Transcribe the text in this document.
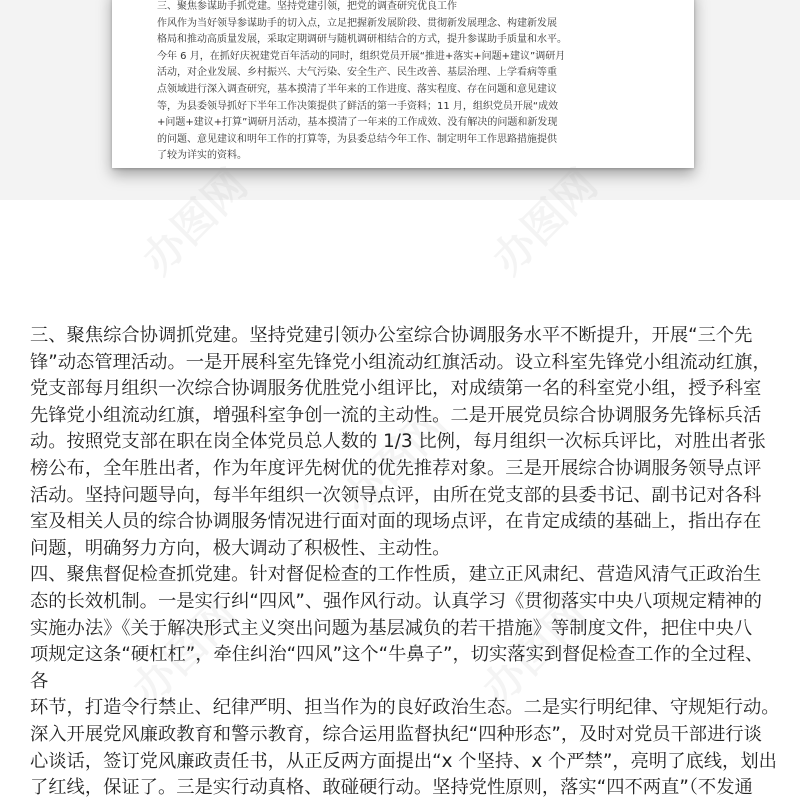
三、聚焦参谋助手抓党建。坚持党建引领，把党的调查研究优良工作

作风作为当好领导参谋助手的切入点，立足把握新发展阶段、贯彻新发展理念、构建新发展

格局和推动高质量发展，采取定期调研与随机调研相结合的方式，提升参谋助手质量和水平。

今年 6 月，在抓好庆祝建党百年活动的同时，组织党员开展“推进+落实+问题+建议”调研月

活动，对企业发展、乡村振兴、大气污染、安全生产、民生改善、基层治理、上学看病等重

点领域进行深入调查研究，基本摸清了半年来的工作进度、落实程度、存在问题和意见建议

等，为县委领导抓好下半年工作决策提供了鲜活的第一手资料；11 月，组织党员开展“成效

+问题+建议+打算”调研月活动，基本摸清了一年来的工作成效、没有解决的问题和新发现

的问题、意见建议和明年工作的打算等，为县委总结今年工作、制定明年工作思路措施提供

了较为详实的资料。

办图网	办图网
办图网
办图网	办图网

三、聚焦综合协调抓党建。坚持党建引领办公室综合协调服务水平不断提升，开展“三个先

锋”动态管理活动。一是开展科室先锋党小组流动红旗活动。设立科室先锋党小组流动红旗，

党支部每月组织一次综合协调服务优胜党小组评比，对成绩第一名的科室党小组，授予科室

先锋党小组流动红旗，增强科室争创一流的主动性。二是开展党员综合协调服务先锋标兵活

动。按照党支部在职在岗全体党员总人数的 1/3 比例，每月组织一次标兵评比，对胜出者张

榜公布，全年胜出者，作为年度评先树优的优先推荐对象。三是开展综合协调服务领导点评

活动。坚持问题导向，每半年组织一次领导点评，由所在党支部的县委书记、副书记对各科

室及相关人员的综合协调服务情况进行面对面的现场点评，在肯定成绩的基础上，指出存在

问题，明确努力方向，极大调动了积极性、主动性。

四、聚焦督促检查抓党建。针对督促检查的工作性质，建立正风肃纪、营造风清气正政治生

态的长效机制。一是实行纠“四风”、强作风行动。认真学习《贯彻落实中央八项规定精神的

实施办法》《关于解决形式主义突出问题为基层减负的若干措施》等制度文件，把住中央八

项规定这条“硬杠杠”，牵住纠治“四风”这个“牛鼻子”，切实落实到督促检查工作的全过程、各

环节，打造令行禁止、纪律严明、担当作为的良好政治生态。二是实行明纪律、守规矩行动。

深入开展党风廉政教育和警示教育，综合运用监督执纪“四种形态”，及时对党员干部进行谈

心谈话，签订党风廉政责任书，从正反两方面提出“x 个坚持、x 个严禁”，亮明了底线，划出

了红线，保证了。三是实行动真格、敢碰硬行动。坚持党性原则，落实“四不两直”（不发通
